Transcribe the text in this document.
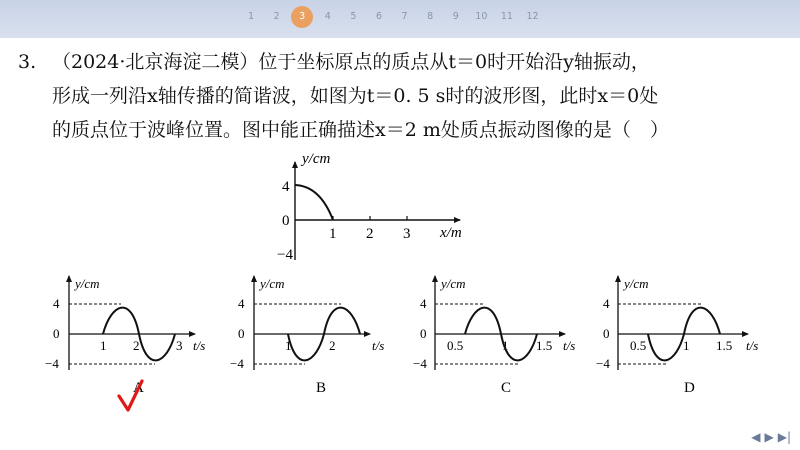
1	2	3	4	5	6	7	8	9	10	11	12
3. （2024·北京海淀二模）位于坐标原点的质点从t＝0时开始沿y轴振动，
形成一列沿x轴传播的简谐波，如图为t＝0. 5 s时的波形图，此时x＝0处
的质点位于波峰位置。图中能正确描述x＝2 m处质点振动图像的是（　）
y/cm
x/m
4
0
−4
1 2 3
y/cm
t/s
4
0
−4
1 2	3
y/cm
t/s
4
0
−4
1	2
y/cm
t/s
4
0
−4
0.5	1 1.5
y/cm
t/s
4
0
−4
0.5	1 1.5
A	B	C	D
◀ ▶ ▶|
